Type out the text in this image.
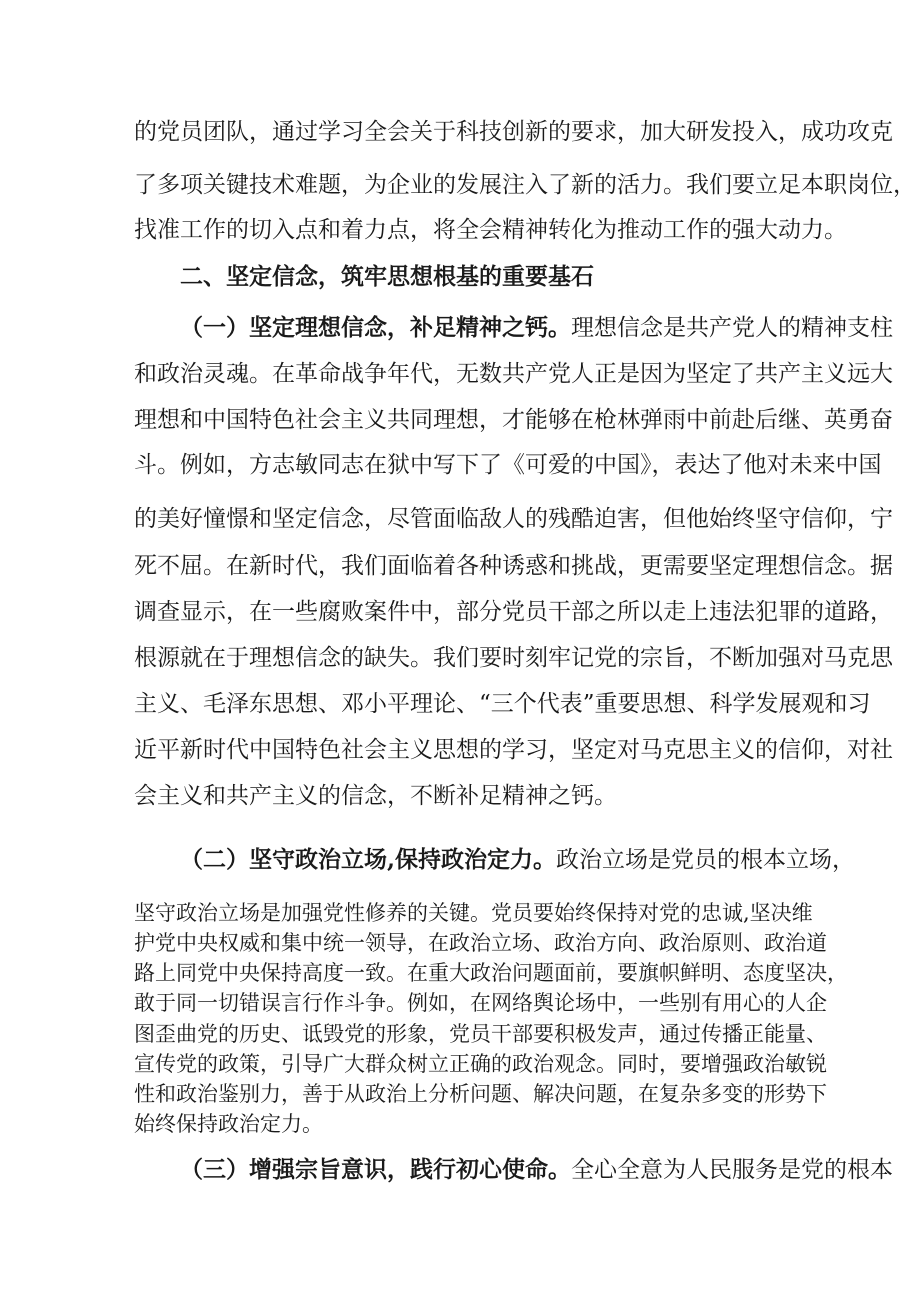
的党员团队，通过学习全会关于科技创新的要求，加大研发投入，成功攻克
了多项关键技术难题，为企业的发展注入了新的活力。我们要立足本职岗位，
找准工作的切入点和着力点，将全会精神转化为推动工作的强大动力。
二、坚定信念，筑牢思想根基的重要基石
（一）坚定理想信念，补足精神之钙。理想信念是共产党人的精神支柱
和政治灵魂。在革命战争年代，无数共产党人正是因为坚定了共产主义远大
理想和中国特色社会主义共同理想，才能够在枪林弹雨中前赴后继、英勇奋
斗。例如，方志敏同志在狱中写下了《可爱的中国》，表达了他对未来中国
的美好憧憬和坚定信念，尽管面临敌人的残酷迫害，但他始终坚守信仰，宁
死不屈。在新时代，我们面临着各种诱惑和挑战，更需要坚定理想信念。据
调查显示，在一些腐败案件中，部分党员干部之所以走上违法犯罪的道路，
根源就在于理想信念的缺失。我们要时刻牢记党的宗旨，不断加强对马克思
主义、毛泽东思想、邓小平理论、“三个代表”重要思想、科学发展观和习
近平新时代中国特色社会主义思想的学习，坚定对马克思主义的信仰，对社
会主义和共产主义的信念，不断补足精神之钙。
（二）坚守政治立场,保持政治定力。政治立场是党员的根本立场，
坚守政治立场是加强党性修养的关键。党员要始终保持对党的忠诚,坚决维
护党中央权威和集中统一领导，在政治立场、政治方向、政治原则、政治道
路上同党中央保持高度一致。在重大政治问题面前，要旗帜鲜明、态度坚决，
敢于同一切错误言行作斗争。例如，在网络舆论场中，一些别有用心的人企
图歪曲党的历史、诋毁党的形象，党员干部要积极发声，通过传播正能量、
宣传党的政策，引导广大群众树立正确的政治观念。同时，要增强政治敏锐
性和政治鉴别力，善于从政治上分析问题、解决问题，在复杂多变的形势下
始终保持政治定力。
（三）增强宗旨意识，践行初心使命。全心全意为人民服务是党的根本
